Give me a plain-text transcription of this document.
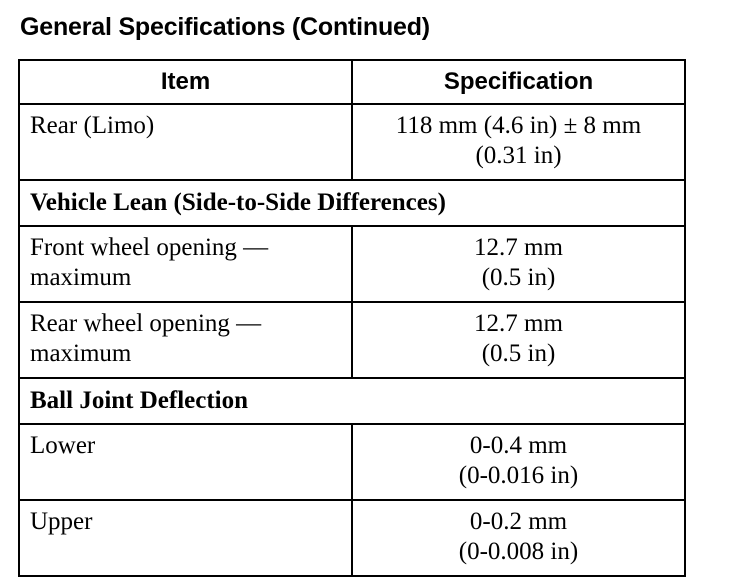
General Specifications (Continued)
Item	Specification

Rear (Limo)	118 mm (4.6 in) ± 8 mm
(0.31 in)

Vehicle Lean (Side-to-Side Differences)	

Front wheel opening —
maximum	12.7 mm
(0.5 in)

Rear wheel opening —
maximum	12.7 mm
(0.5 in)

Ball Joint Deflection	

Lower	0-0.4 mm
(0-0.016 in)

Upper	0-0.2 mm
(0-0.008 in)
